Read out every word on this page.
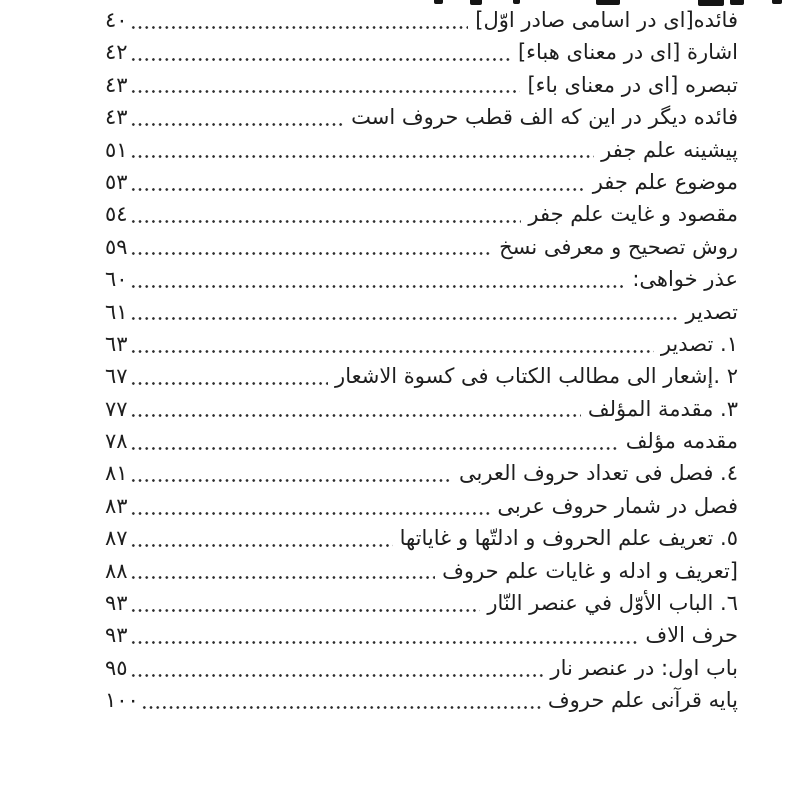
فائده[ای در اسامی صادر اوّل]
٤٠
اشارة [ای در معنای هباء]
٤٢
تبصره [ای در معنای باء]
٤٣
فائده دیگر در این که الف قطب حروف است
٤٣
پیشینه علم جفر
٥١
موضوع علم جفر
٥٣
مقصود و غایت علم جفر
٥٤
روش تصحیح و معرفی نسخ
٥٩
عذر خواهی:
٦٠
تصدیر
٦١
١. تصدیر
٦٣
٢ .إشعار الی مطالب الکتاب فی کسوة الاشعار
٦٧
٣. مقدمة المؤلف
٧٧
مقدمه مؤلف
٧٨
٤. فصل فی تعداد حروف العربی
٨١
فصل در شمار حروف عربی
٨٣
٥. تعریف علم الحروف و ادلتّها و غایاتها
٨٧
[تعریف و ادله و غایات علم حروف
٨٨
٦. الباب الأوّل في عنصر النّار
٩٣
حرف الاف
٩٣
باب اول: در عنصر نار
٩٥
پایه قرآنی علم حروف
١٠٠
